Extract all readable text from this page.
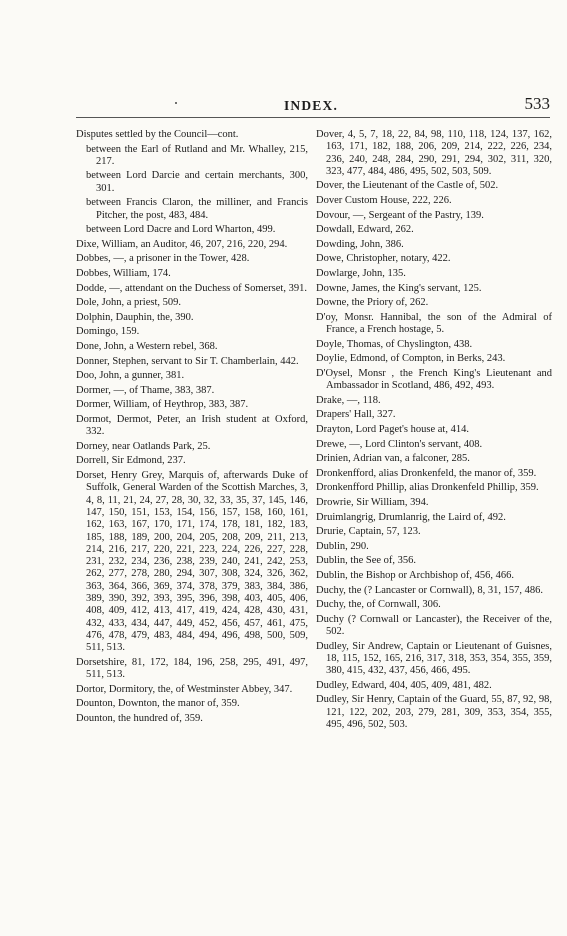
INDEX.	533
Disputes settled by the Council—cont.
between the Earl of Rutland and Mr. Whalley, 215, 217.
between Lord Darcie and certain merchants, 300, 301.
between Francis Claron, the milliner, and Francis Pitcher, the post, 483, 484.
between Lord Dacre and Lord Wharton, 499.
Dixe, William, an Auditor, 46, 207, 216, 220, 294.
Dobbes, —, a prisoner in the Tower, 428.
Dobbes, William, 174.
Dodde, —, attendant on the Duchess of Somerset, 391.
Dole, John, a priest, 509.
Dolphin, Dauphin, the, 390.
Domingo, 159.
Done, John, a Western rebel, 368.
Donner, Stephen, servant to Sir T. Chamberlain, 442.
Doo, John, a gunner, 381.
Dormer, —, of Thame, 383, 387.
Dormer, William, of Heythrop, 383, 387.
Dormot, Dermot, Peter, an Irish student at Oxford, 332.
Dorney, near Oatlands Park, 25.
Dorrell, Sir Edmond, 237.
Dorset, Henry Grey, Marquis of, afterwards Duke of Suffolk, General Warden of the Scottish Marches, 3, 4, 8, 11, 21, 24, 27, 28, 30, 32, 33, 35, 37, 145, 146, 147, 150, 151, 153, 154, 156, 157, 158, 160, 161, 162, 163, 167, 170, 171, 174, 178, 181, 182, 183, 185, 188, 189, 200, 204, 205, 208, 209, 211, 213, 214, 216, 217, 220, 221, 223, 224, 226, 227, 228, 231, 232, 234, 236, 238, 239, 240, 241, 242, 253, 262, 277, 278, 280, 294, 307, 308, 324, 326, 362, 363, 364, 366, 369, 374, 378, 379, 383, 384, 386, 389, 390, 392, 393, 395, 396, 398, 403, 405, 406, 408, 409, 412, 413, 417, 419, 424, 428, 430, 431, 432, 433, 434, 447, 449, 452, 456, 457, 461, 475, 476, 478, 479, 483, 484, 494, 496, 498, 500, 509, 511, 513.
Dorsetshire, 81, 172, 184, 196, 258, 295, 491, 497, 511, 513.
Dortor, Dormitory, the, of Westminster Abbey, 347.
Dounton, Downton, the manor of, 359.
Dounton, the hundred of, 359.
Dover, 4, 5, 7, 18, 22, 84, 98, 110, 118, 124, 137, 162, 163, 171, 182, 188, 206, 209, 214, 222, 226, 234, 236, 240, 248, 284, 290, 291, 294, 302, 311, 320, 323, 477, 484, 486, 495, 502, 503, 509.
Dover, the Lieutenant of the Castle of, 502.
Dover Custom House, 222, 226.
Dovour, —, Sergeant of the Pastry, 139.
Dowdall, Edward, 262.
Dowding, John, 386.
Dowe, Christopher, notary, 422.
Dowlarge, John, 135.
Downe, James, the King's servant, 125.
Downe, the Priory of, 262.
D'oy, Monsr. Hannibal, the son of the Admiral of France, a French hostage, 5.
Doyle, Thomas, of Chyslington, 438.
Doylie, Edmond, of Compton, in Berks, 243.
D'Oysel, Monsr , the French King's Lieutenant and Ambassador in Scotland, 486, 492, 493.
Drake, —, 118.
Drapers' Hall, 327.
Drayton, Lord Paget's house at, 414.
Drewe, —, Lord Clinton's servant, 408.
Drinien, Adrian van, a falconer, 285.
Dronkenfford, alias Dronkenfeld, the manor of, 359.
Dronkenfford Phillip, alias Dronkenfeld Phillip, 359.
Drowrie, Sir William, 394.
Druimlangrig, Drumlanrig, the Laird of, 492.
Drurie, Captain, 57, 123.
Dublin, 290.
Dublin, the See of, 356.
Dublin, the Bishop or Archbishop of, 456, 466.
Duchy, the (? Lancaster or Cornwall), 8, 31, 157, 486.
Duchy, the, of Cornwall, 306.
Duchy (? Cornwall or Lancaster), the Receiver of the, 502.
Dudley, Sir Andrew, Captain or Lieutenant of Guisnes, 18, 115, 152, 165, 216, 317, 318, 353, 354, 355, 359, 380, 415, 432, 437, 456, 466, 495.
Dudley, Edward, 404, 405, 409, 481, 482.
Dudley, Sir Henry, Captain of the Guard, 55, 87, 92, 98, 121, 122, 202, 203, 279, 281, 309, 353, 354, 355, 495, 496, 502, 503.
